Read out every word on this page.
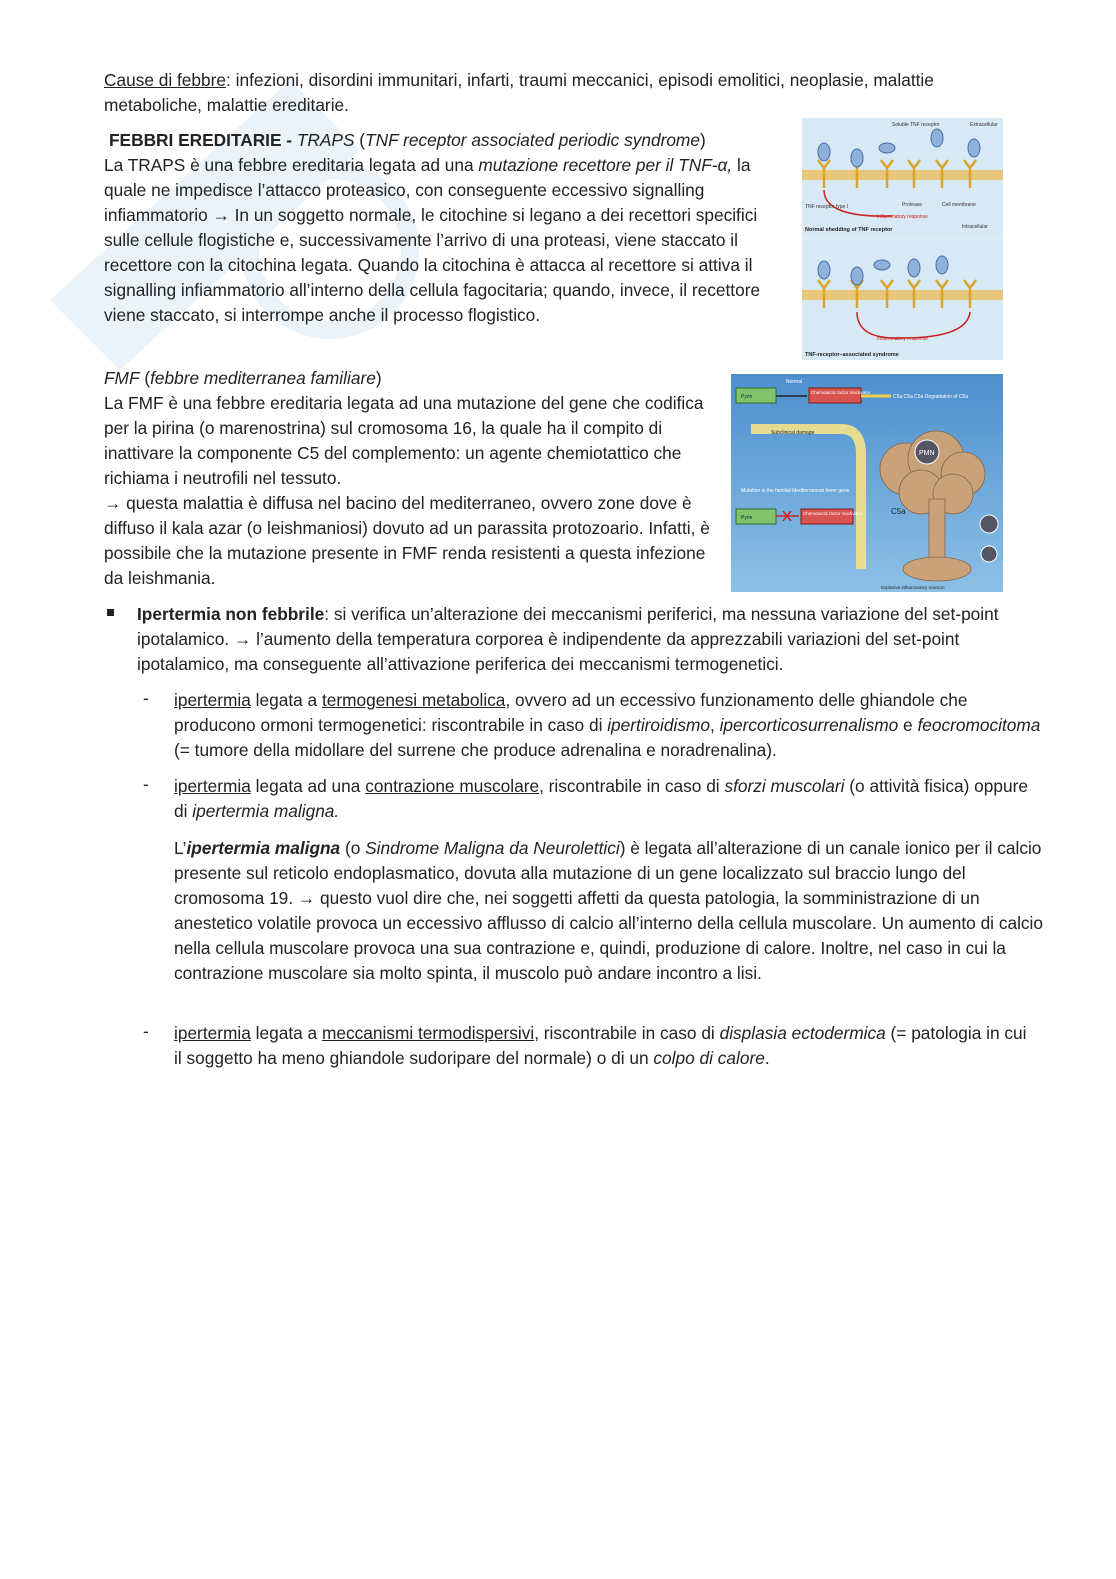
Cause di febbre: infezioni, disordini immunitari, infarti, traumi meccanici, episodi emolitici, neoplasie, malattie metaboliche, malattie ereditarie.

FEBBRI EREDITARIE - TRAPS (TNF receptor associated periodic syndrome)
La TRAPS è una febbre ereditaria legata ad una mutazione recettore per il TNF-α, la quale ne impedisce l’attacco proteasico, con conseguente eccessivo signalling infiammatorio → In un soggetto normale, le citochine si legano a dei recettori specifici sulle cellule flogistiche e, successivamente l’arrivo di una proteasi, viene staccato il recettore con la citochina legata. Quando la citochina è attacca al recettore si attiva il signalling infiammatorio all’interno della cellula fagocitaria; quando, invece, il recettore viene staccato, si interrompe anche il processo flogistico.

Soluble TNF receptor	Extracellular
Intracellular
TNF receptor type I	Protease	Cell membrane
Inflammatory response
Normal shedding of TNF receptor
TNF-receptor–associated syndrome
Inflammatory response

FMF (febbre mediterranea familiare)
La FMF è una febbre ereditaria legata ad una mutazione del gene che codifica per la pirina (o marenostrina) sul cromosoma 16, la quale ha il compito di inattivare la componente C5 del complemento: un agente chemiotattico che richiama i neutrofili nel tessuto.
→ questa malattia è diffusa nel bacino del mediterraneo, ovvero zone dove è diffuso il kala azar (o leishmaniosi) dovuto ad un parassita protozoario. Infatti, è possibile che la mutazione presente in FMF renda resistenti a questa infezione da leishmania.

Normal
Pyrin
Chemotactic factor inactivator
C5a C5a C5a Degradation of C5a
Subclinical damage
Mutation in the familial Mediterranean fever gene
Pyrin
Chemotactic factor inactivator
PMN
C5a
Explosive inflammatory reaction

Ipertermia non febbrile: si verifica un’alterazione dei meccanismi periferici, ma nessuna variazione del set-point ipotalamico. → l’aumento della temperatura corporea è indipendente da apprezzabili variazioni del set-point ipotalamico, ma conseguente all’attivazione periferica dei meccanismi termogenetici.

- ipertermia legata a termogenesi metabolica, ovvero ad un eccessivo funzionamento delle ghiandole che producono ormoni termogenetici: riscontrabile in caso di ipertiroidismo, ipercorticosurrenalismo e feocromocitoma (= tumore della midollare del surrene che produce adrenalina e noradrenalina).

- ipertermia legata ad una contrazione muscolare, riscontrabile in caso di sforzi muscolari (o attività fisica) oppure di ipertermia maligna.

L’ipertermia maligna (o Sindrome Maligna da Neurolettici) è legata all’alterazione di un canale ionico per il calcio presente sul reticolo endoplasmatico, dovuta alla mutazione di un gene localizzato sul braccio lungo del cromosoma 19. → questo vuol dire che, nei soggetti affetti da questa patologia, la somministrazione di un anestetico volatile provoca un eccessivo afflusso di calcio all’interno della cellula muscolare. Un aumento di calcio nella cellula muscolare provoca una sua contrazione e, quindi, produzione di calore. Inoltre, nel caso in cui la contrazione muscolare sia molto spinta, il muscolo può andare incontro a lisi.

- ipertermia legata a meccanismi termodispersivi, riscontrabile in caso di displasia ectodermica (= patologia in cui il soggetto ha meno ghiandole sudoripare del normale) o di un colpo di calore.
